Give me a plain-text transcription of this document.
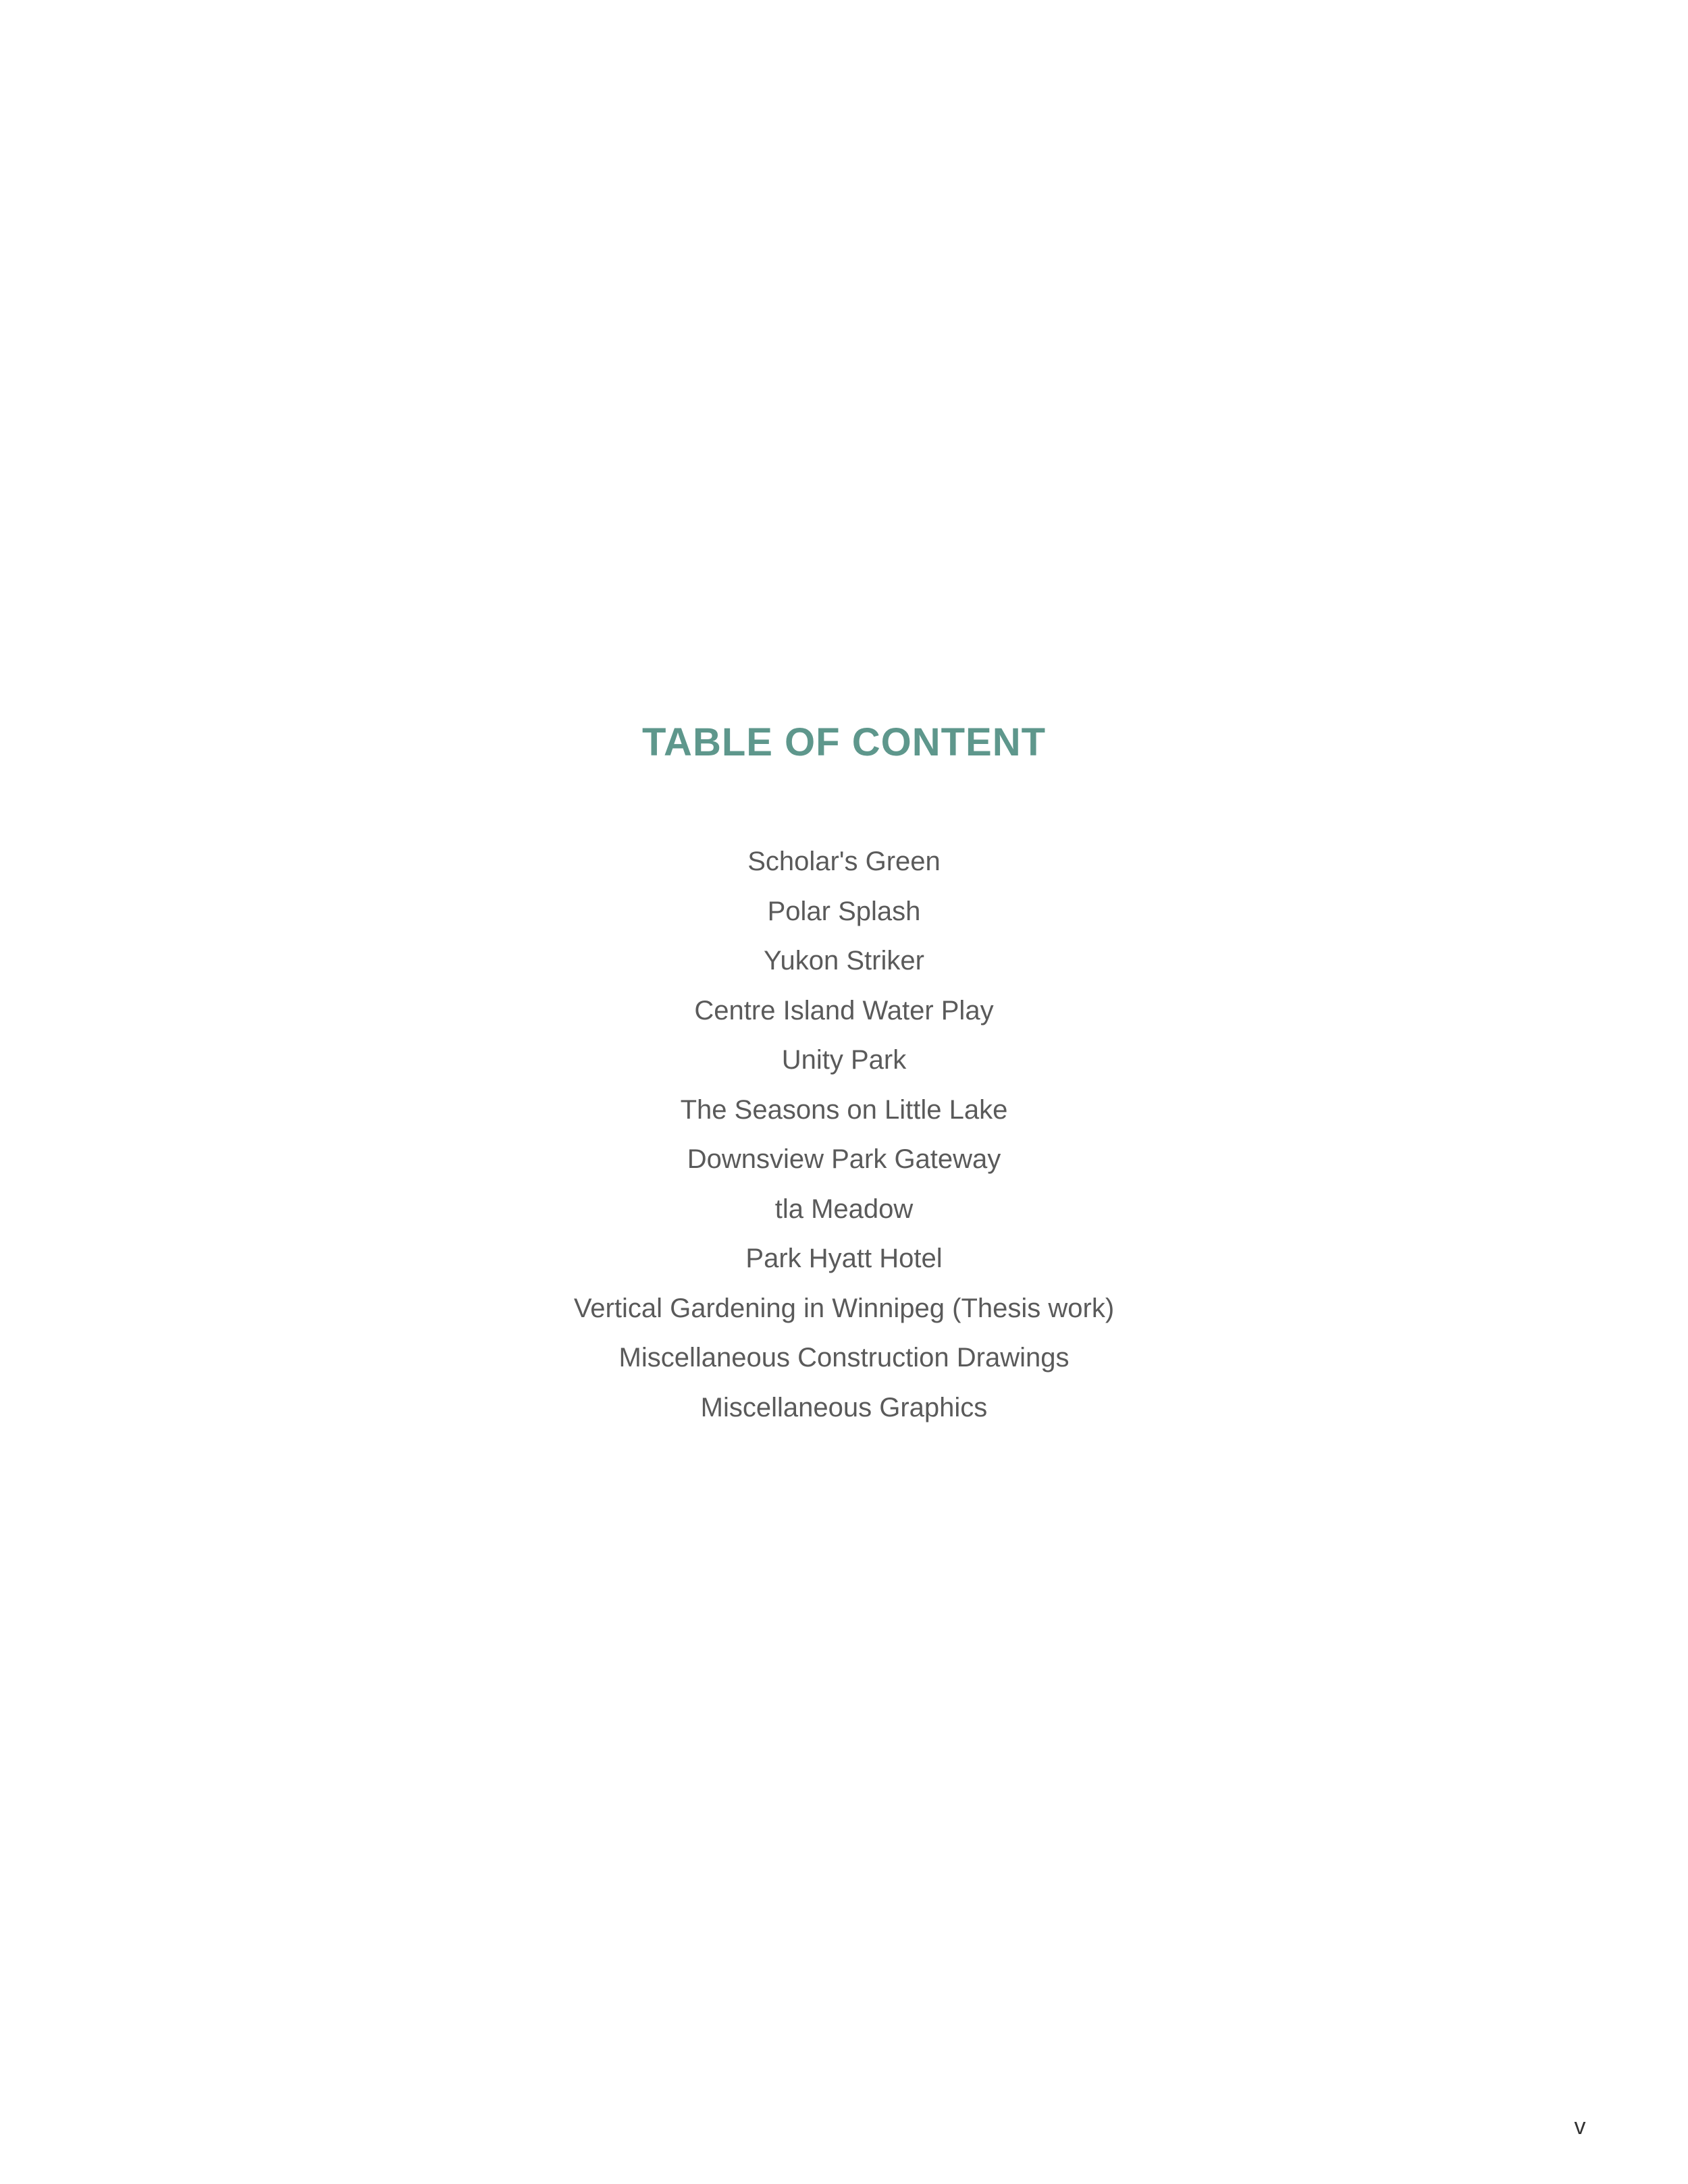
TABLE OF CONTENT
Scholar's Green
Polar Splash
Yukon Striker
Centre Island Water Play
Unity Park
The Seasons on Little Lake
Downsview Park Gateway
tla Meadow
Park Hyatt Hotel
Vertical Gardening in Winnipeg (Thesis work)
Miscellaneous Construction Drawings
Miscellaneous Graphics
v
